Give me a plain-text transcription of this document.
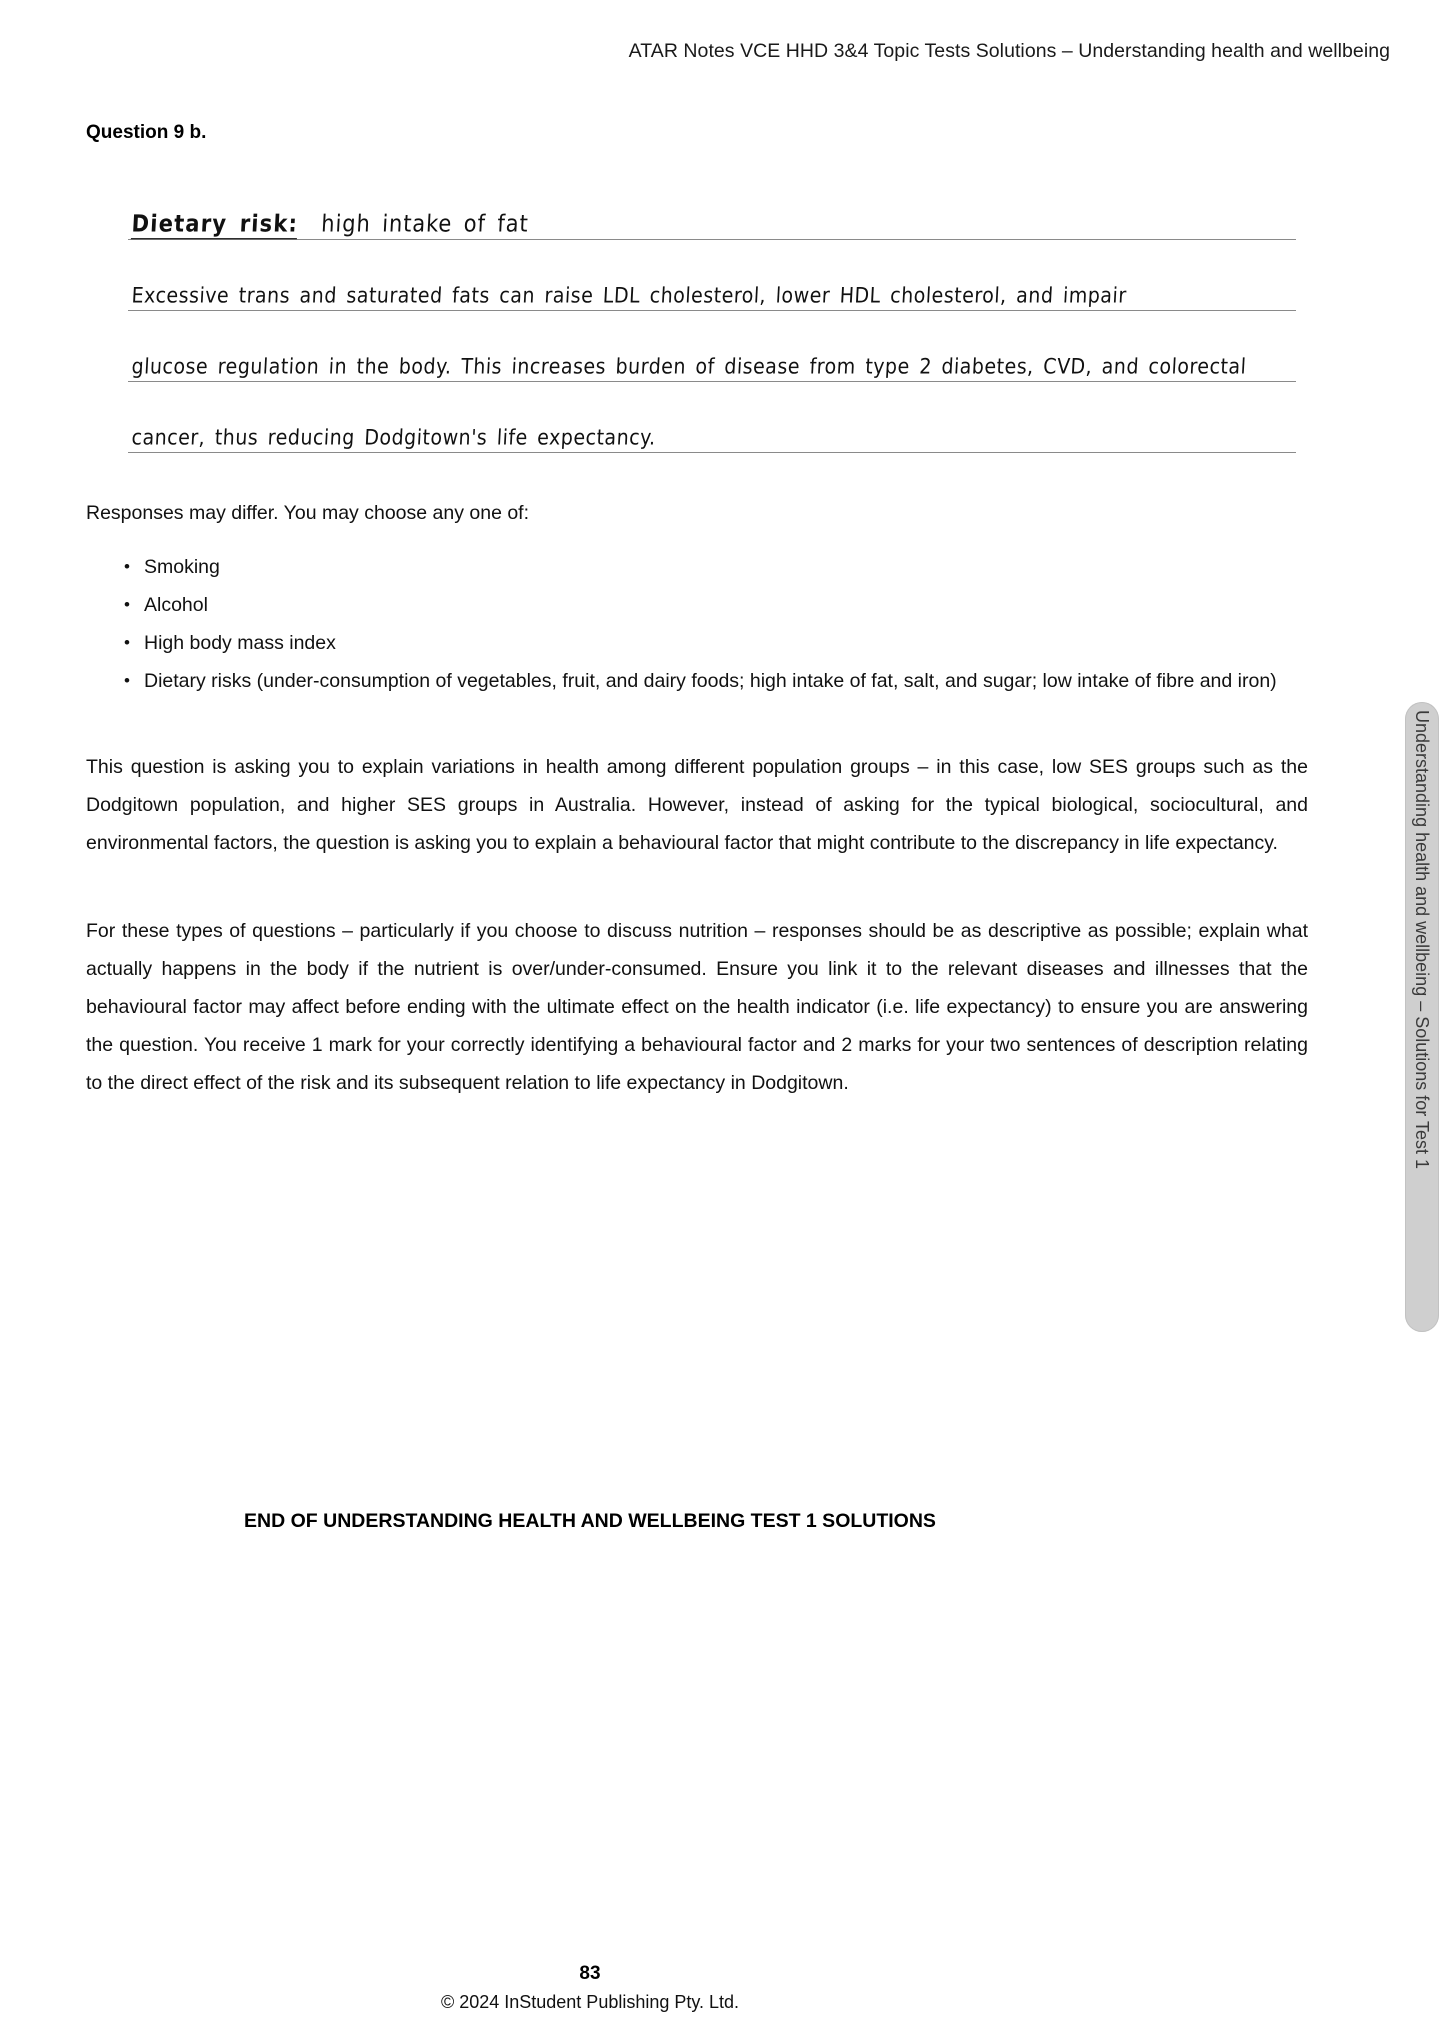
ATAR Notes VCE HHD 3&4 Topic Tests Solutions – Understanding health and wellbeing
Question 9 b.
Dietary risk: high intake of fat
Excessive trans and saturated fats can raise LDL cholesterol, lower HDL cholesterol, and impair
glucose regulation in the body. This increases burden of disease from type 2 diabetes, CVD, and colorectal
cancer, thus reducing Dodgitown's life expectancy.
Responses may differ. You may choose any one of:
• Smoking
• Alcohol
• High body mass index
• Dietary risks (under-consumption of vegetables, fruit, and dairy foods; high intake of fat, salt, and sugar; low intake of fibre and iron)
This question is asking you to explain variations in health among different population groups – in this case, low SES groups such as the Dodgitown population, and higher SES groups in Australia. However, instead of asking for the typical biological, sociocultural, and environmental factors, the question is asking you to explain a behavioural factor that might contribute to the discrepancy in life expectancy.
For these types of questions – particularly if you choose to discuss nutrition – responses should be as descriptive as possible; explain what actually happens in the body if the nutrient is over/under-consumed. Ensure you link it to the relevant diseases and illnesses that the behavioural factor may affect before ending with the ultimate effect on the health indicator (i.e. life expectancy) to ensure you are answering the question. You receive 1 mark for your correctly identifying a behavioural factor and 2 marks for your two sentences of description relating to the direct effect of the risk and its subsequent relation to life expectancy in Dodgitown.	Understanding health and wellbeing – Solutions for Test 1
END OF UNDERSTANDING HEALTH AND WELLBEING TEST 1 SOLUTIONS
83
© 2024 InStudent Publishing Pty. Ltd.
